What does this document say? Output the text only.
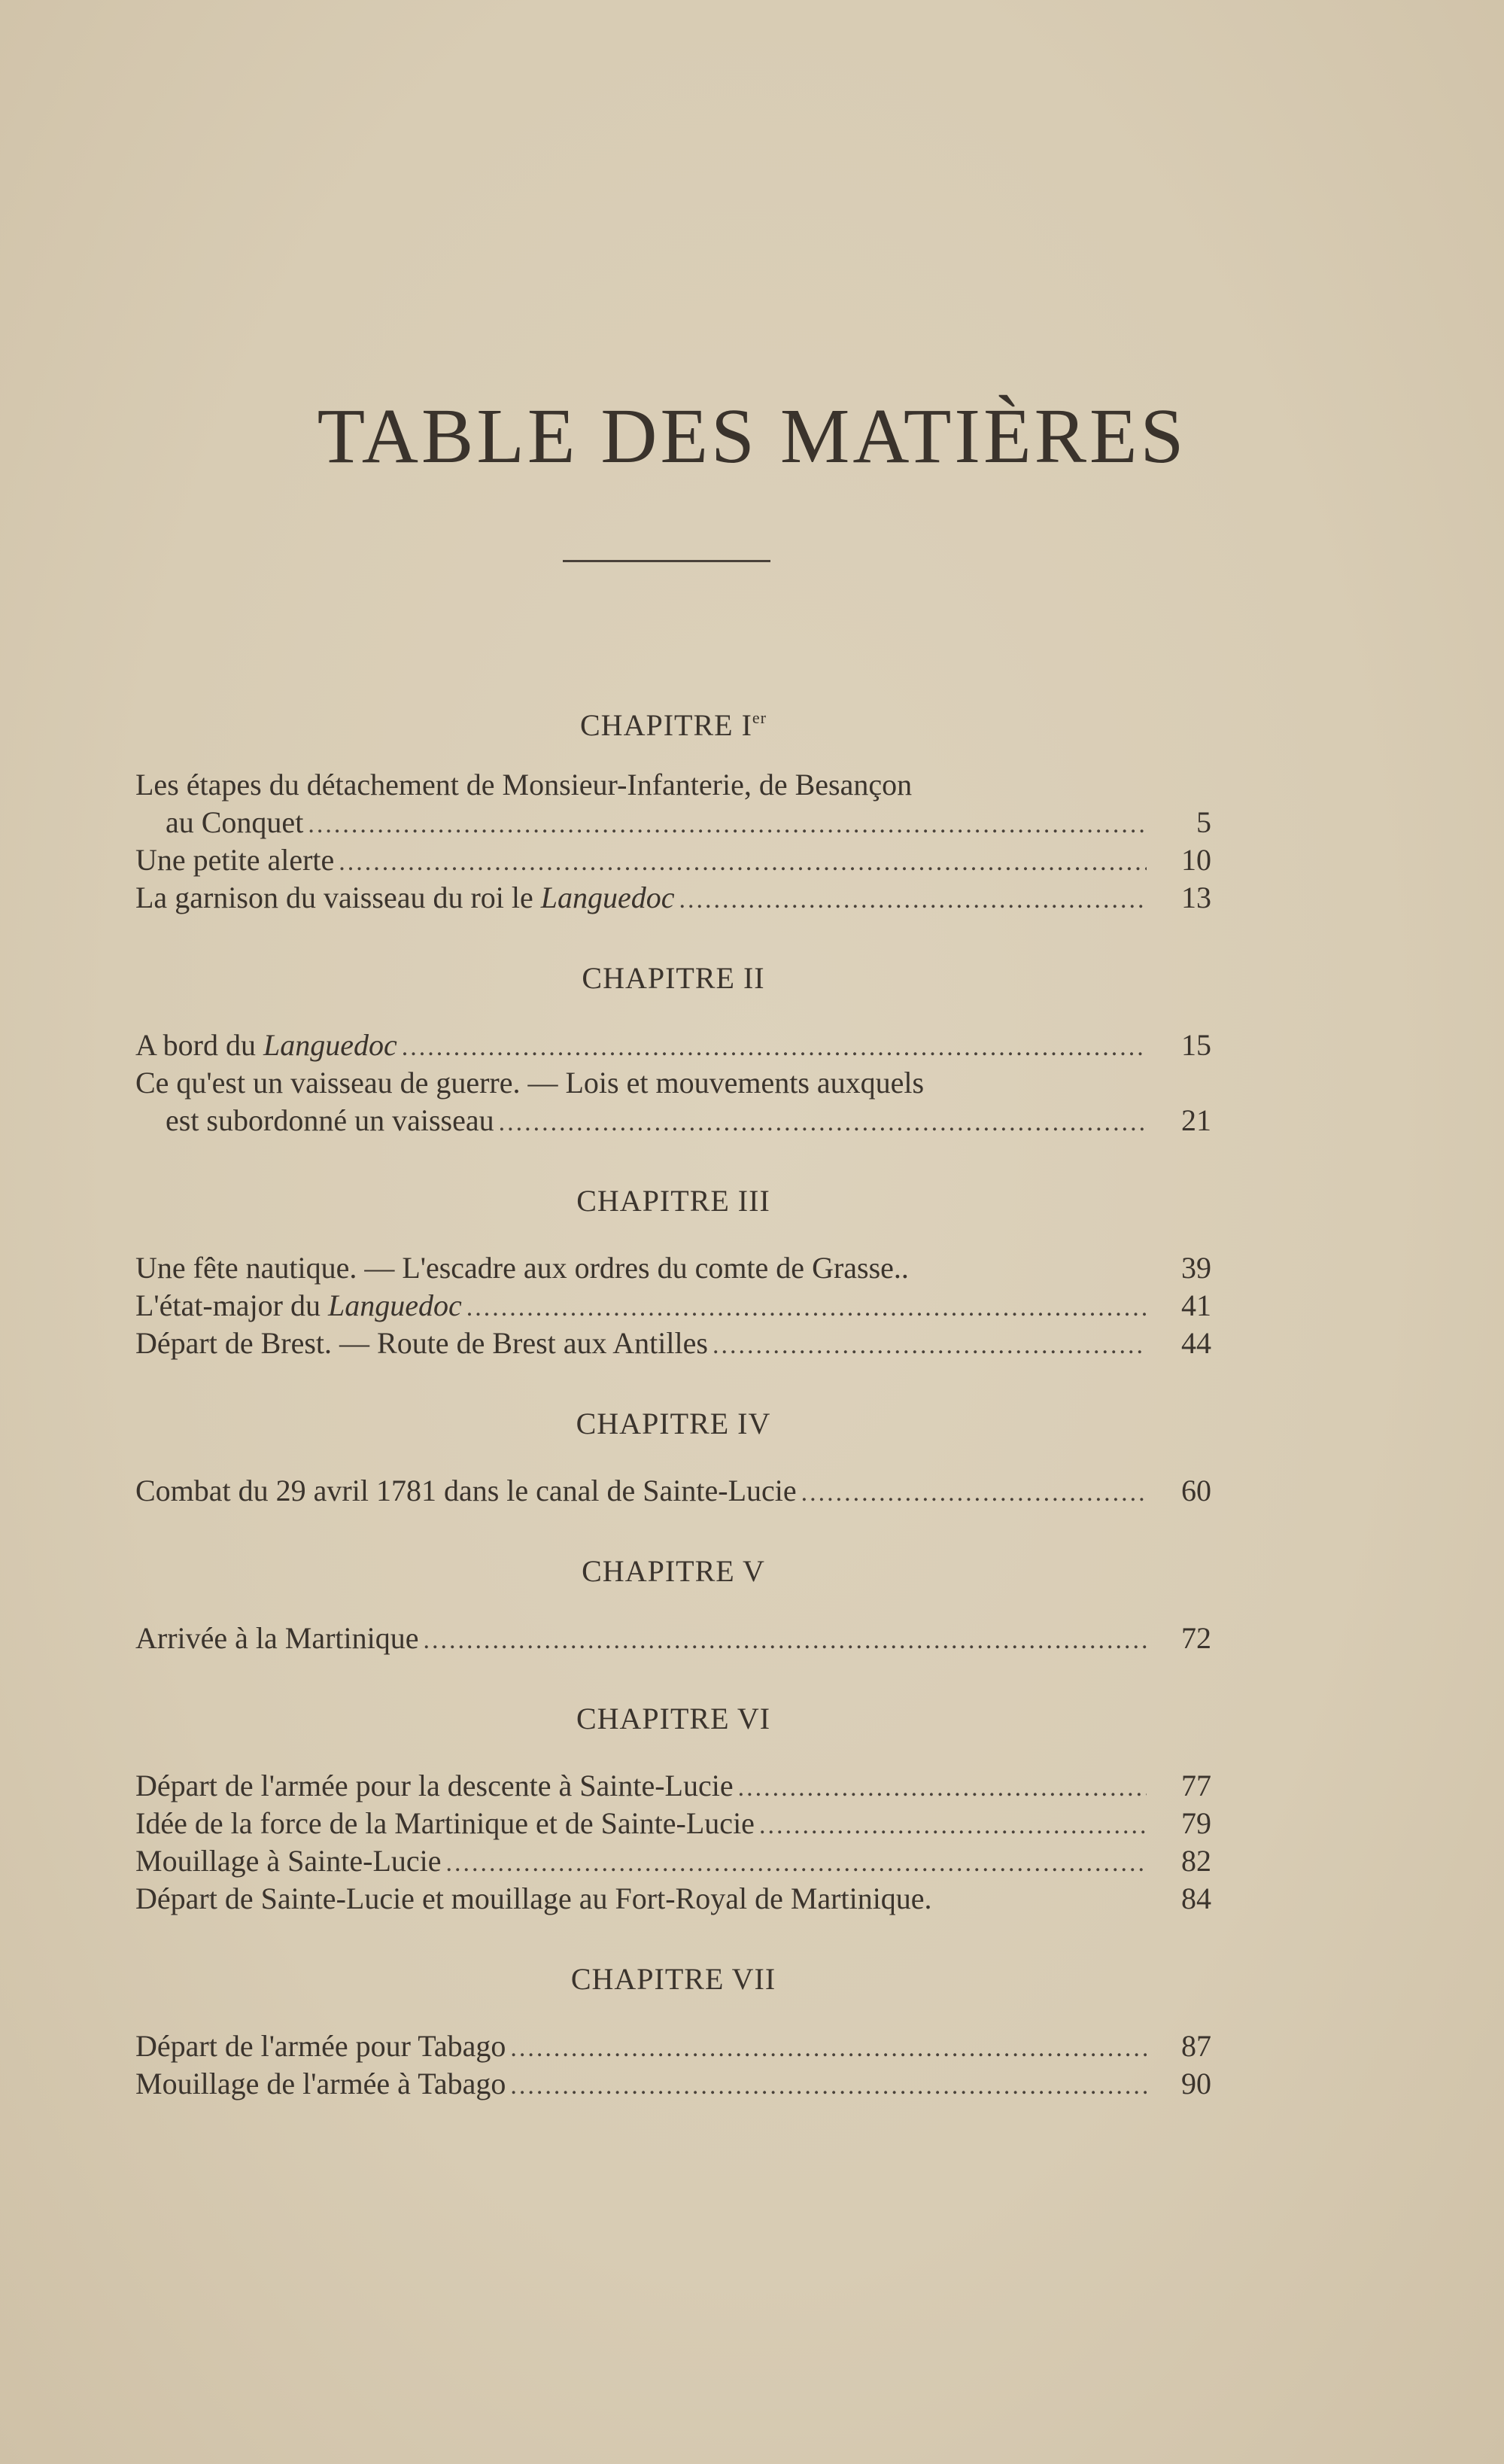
TABLE DES MATIÈRES
CHAPITRE Ier
Les étapes du détachement de Monsieur-Infanterie, de Besançon
au Conquet .....	5
Une petite alerte .....	10
La garnison du vaisseau du roi le Languedoc .....	13
CHAPITRE II
A bord du Languedoc .....	15
Ce qu'est un vaisseau de guerre. — Lois et mouvements auxquels
est subordonné un vaisseau .....	21
CHAPITRE III
Une fête nautique. — L'escadre aux ordres du comte de Grasse..	39
L'état-major du Languedoc .....	41
Départ de Brest. — Route de Brest aux Antilles .....	44
CHAPITRE IV
Combat du 29 avril 1781 dans le canal de Sainte-Lucie .....	60
CHAPITRE V
Arrivée à la Martinique .....	72
CHAPITRE VI
Départ de l'armée pour la descente à Sainte-Lucie .....	77
Idée de la force de la Martinique et de Sainte-Lucie .....	79
Mouillage à Sainte-Lucie .....	82
Départ de Sainte-Lucie et mouillage au Fort-Royal de Martinique.	84
CHAPITRE VII
Départ de l'armée pour Tabago .....	87
Mouillage de l'armée à Tabago .....	90
